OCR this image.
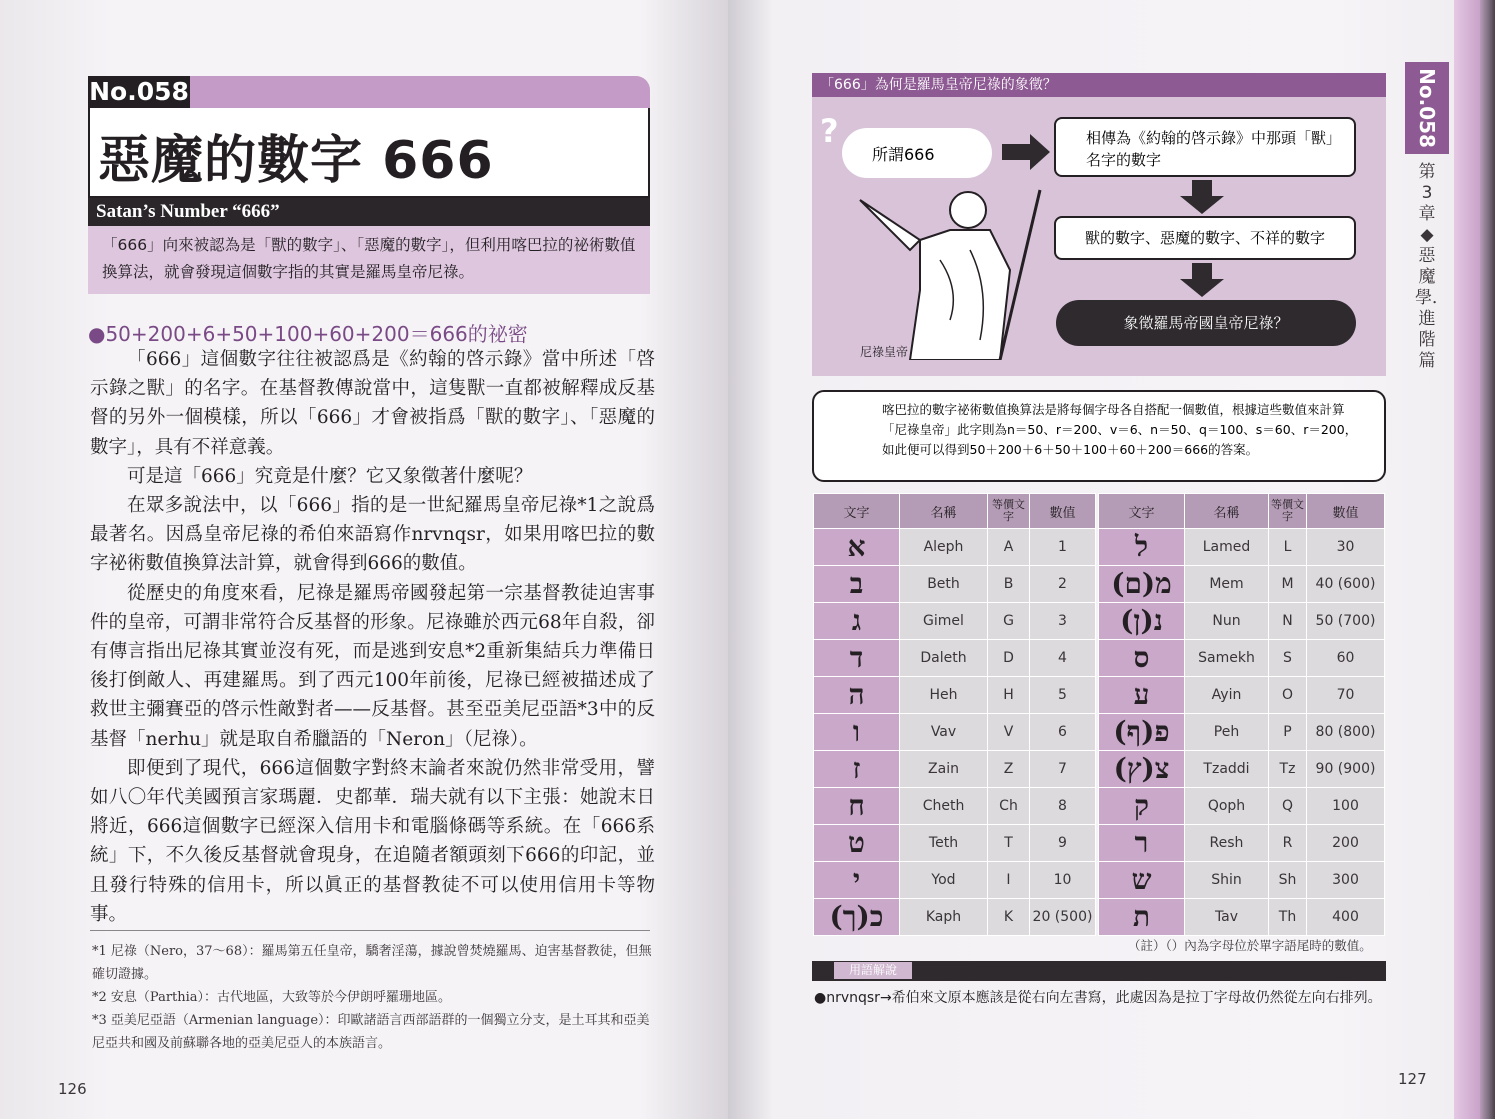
No.058
惡魔的數字 666
Satan’s Number “666”
「666」向來被認為是「獸的數字」、「惡魔的數字」，但利用喀巴拉的祕術數值換算法，就會發現這個數字指的其實是羅馬皇帝尼祿。
●50+200+6+50+100+60+200＝666的祕密

「666」這個數字往往被認爲是《約翰的啓示錄》當中所述「啓示錄之獸」的名字。在基督教傳說當中，這隻獸一直都被解釋成反基督的另外一個模樣，所以「666」才會被指爲「獸的數字」、「惡魔的數字」，具有不祥意義。

可是這「666」究竟是什麼？它又象徵著什麼呢？

在眾多說法中，以「666」指的是一世紀羅馬皇帝尼祿*1之說爲最著名。因爲皇帝尼祿的希伯來語寫作nrvnqsr，如果用喀巴拉的數字祕術數值換算法計算，就會得到666的數值。

從歷史的角度來看，尼祿是羅馬帝國發起第一宗基督教徒迫害事件的皇帝，可謂非常符合反基督的形象。尼祿雖於西元68年自殺，卻有傳言指出尼祿其實並沒有死，而是逃到安息*2重新集結兵力準備日後打倒敵人、再建羅馬。到了西元100年前後，尼祿已經被描述成了救世主彌賽亞的啓示性敵對者——反基督。甚至亞美尼亞語*3中的反基督「nerhu」就是取自希臘語的「Neron」（尼祿）。

即便到了現代，666這個數字對終末論者來說仍然非常受用，譬如八〇年代美國預言家瑪麗．史都華．瑞夫就有以下主張：她說末日將近，666這個數字已經深入信用卡和電腦條碼等系統。在「666系統」下，不久後反基督就會現身，在追隨者額頭刻下666的印記，並且發行特殊的信用卡，所以眞正的基督教徒不可以使用信用卡等物事。

*1 尼祿（Nero，37～68）：羅馬第五任皇帝，驕奢淫蕩，據說曾焚燒羅馬、迫害基督教徒，但無確切證據。
*2 安息（Parthia）：古代地區，大致等於今伊朗呼羅珊地區。
*3 亞美尼亞語（Armenian language）：印歐諸語言西部語群的一個獨立分支，是土耳其和亞美尼亞共和國及前蘇聯各地的亞美尼亞人的本族語言。
126
「666」為何是羅馬皇帝尼祿的象徵？
?
所謂666
相傳為《約翰的啓示錄》中那頭「獸」名字的數字
獸的數字、惡魔的數字、不祥的數字
象徵羅馬帝國皇帝尼祿？
尼祿皇帝
喀巴拉的數字祕術數值換算法是將每個字母各自搭配一個數值，根據這些數值來計算「尼祿皇帝」此字則為n＝50、r＝200、v＝6、n＝50、q＝100、s＝60、r＝200，如此便可以得到50＋200＋6＋50＋100＋60＋200＝666的答案。
文字	名稱	等價文字	數值
א	Aleph	A	1
ב	Beth	B	2
ג	Gimel	G	3
ד	Daleth	D	4
ה	Heh	H	5
ו	Vav	V	6
ז	Zain	Z	7
ח	Cheth	Ch	8
ט	Teth	T	9
י	Yod	I	10
כ(ך)	Kaph	K	20 (500)
文字	名稱	等價文字	數值
ל	Lamed	L	30
מ(ם)	Mem	M	40 (600)
נ(ן)	Nun	N	50 (700)
ס	Samekh	S	60
ע	Ayin	O	70
פ(ף)	Peh	P	80 (800)
צ(ץ)	Tzaddi	Tz	90 (900)
ק	Qoph	Q	100
ר	Resh	R	200
ש	Shin	Sh	300
ת	Tav	Th	400
（註）（）內為字母位於單字語尾時的數值。
用語解說
●nrvnqsr→希伯來文原本應該是從右向左書寫，此處因為是拉丁字母故仍然從左向右排列。
No.058
第3章◆惡魔學．進階篇
127
